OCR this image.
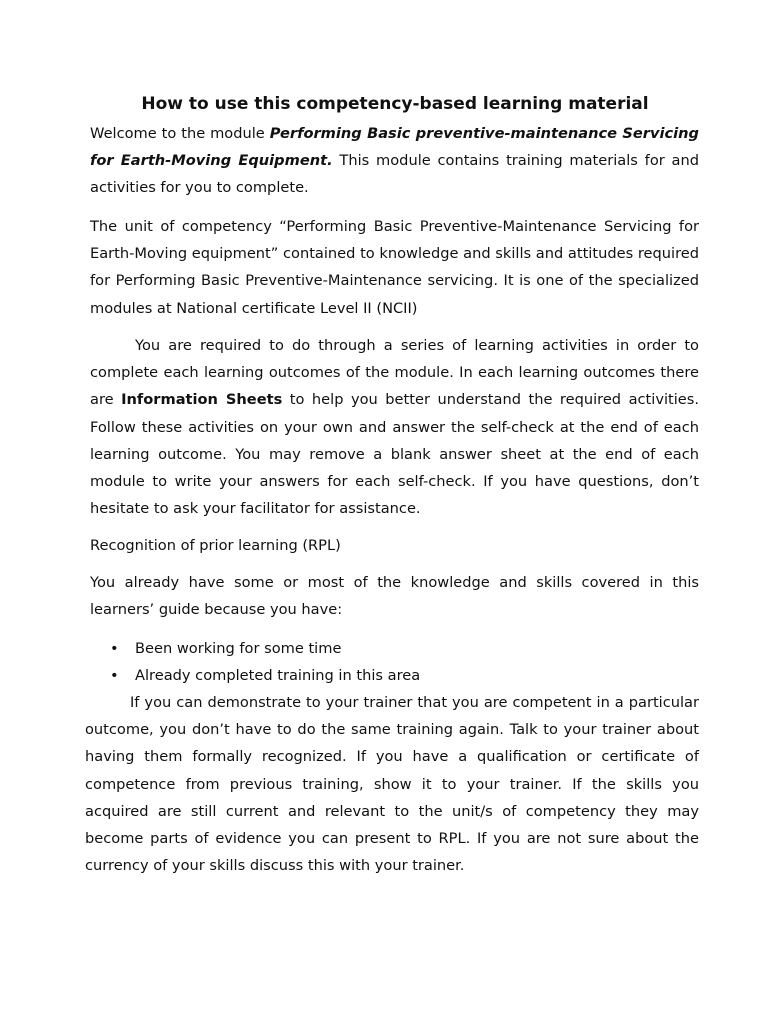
How to use this competency-based learning material

Welcome to the module Performing Basic preventive-maintenance Servicing for Earth-Moving Equipment. This module contains training materials for and activities for you to complete.

The unit of competency “Performing Basic Preventive-Maintenance Servicing for Earth-Moving equipment” contained to knowledge and skills and attitudes required for Performing Basic Preventive-Maintenance servicing. It is one of the specialized modules at National certificate Level II (NCII)

You are required to do through a series of learning activities in order to complete each learning outcomes of the module. In each learning outcomes there are Information Sheets to help you better understand the required activities. Follow these activities on your own and answer the self-check at the end of each learning outcome. You may remove a blank answer sheet at the end of each module to write your answers for each self-check. If you have questions, don’t hesitate to ask your facilitator for assistance.

Recognition of prior learning (RPL)

You already have some or most of the knowledge and skills covered in this learners’ guide because you have:

• Been working for some time
• Already completed training in this area

If you can demonstrate to your trainer that you are competent in a particular outcome, you don’t have to do the same training again. Talk to your trainer about having them formally recognized. If you have a qualification or certificate of competence from previous training, show it to your trainer. If the skills you acquired are still current and relevant to the unit/s of competency they may become parts of evidence you can present to RPL. If you are not sure about the currency of your skills discuss this with your trainer.
